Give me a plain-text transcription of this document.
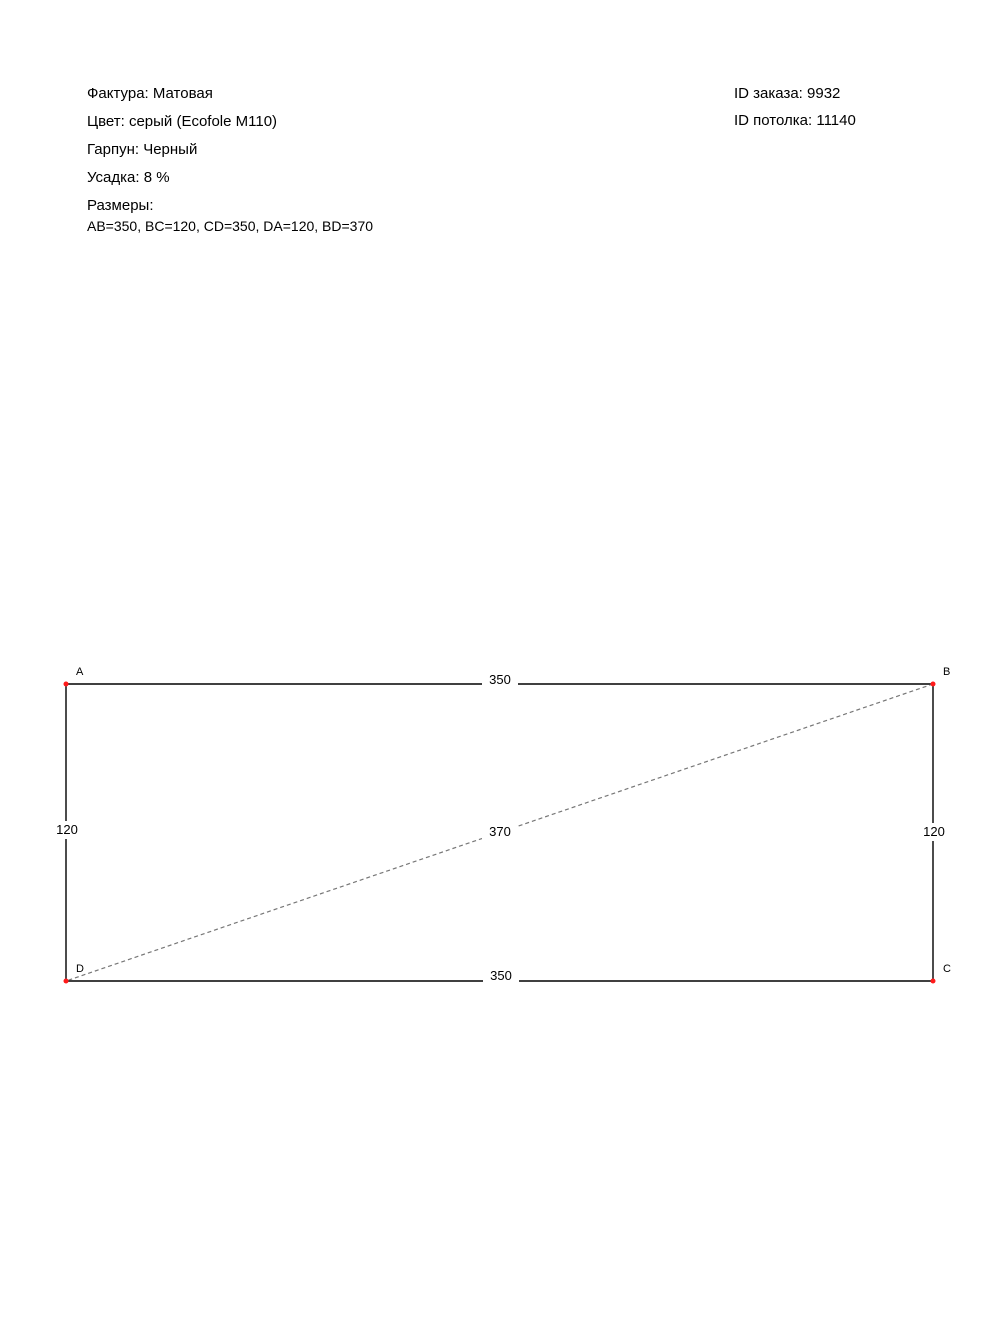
Фактура: Матовая
Цвет: серый (Ecofole M110)
Гарпун: Черный
Усадка: 8 %
Размеры:
AB=350, BC=120, CD=350, DA=120, BD=370
ID заказа: 9932
ID потолка: 11140
350
350
370
120	120
A	B
C
D
